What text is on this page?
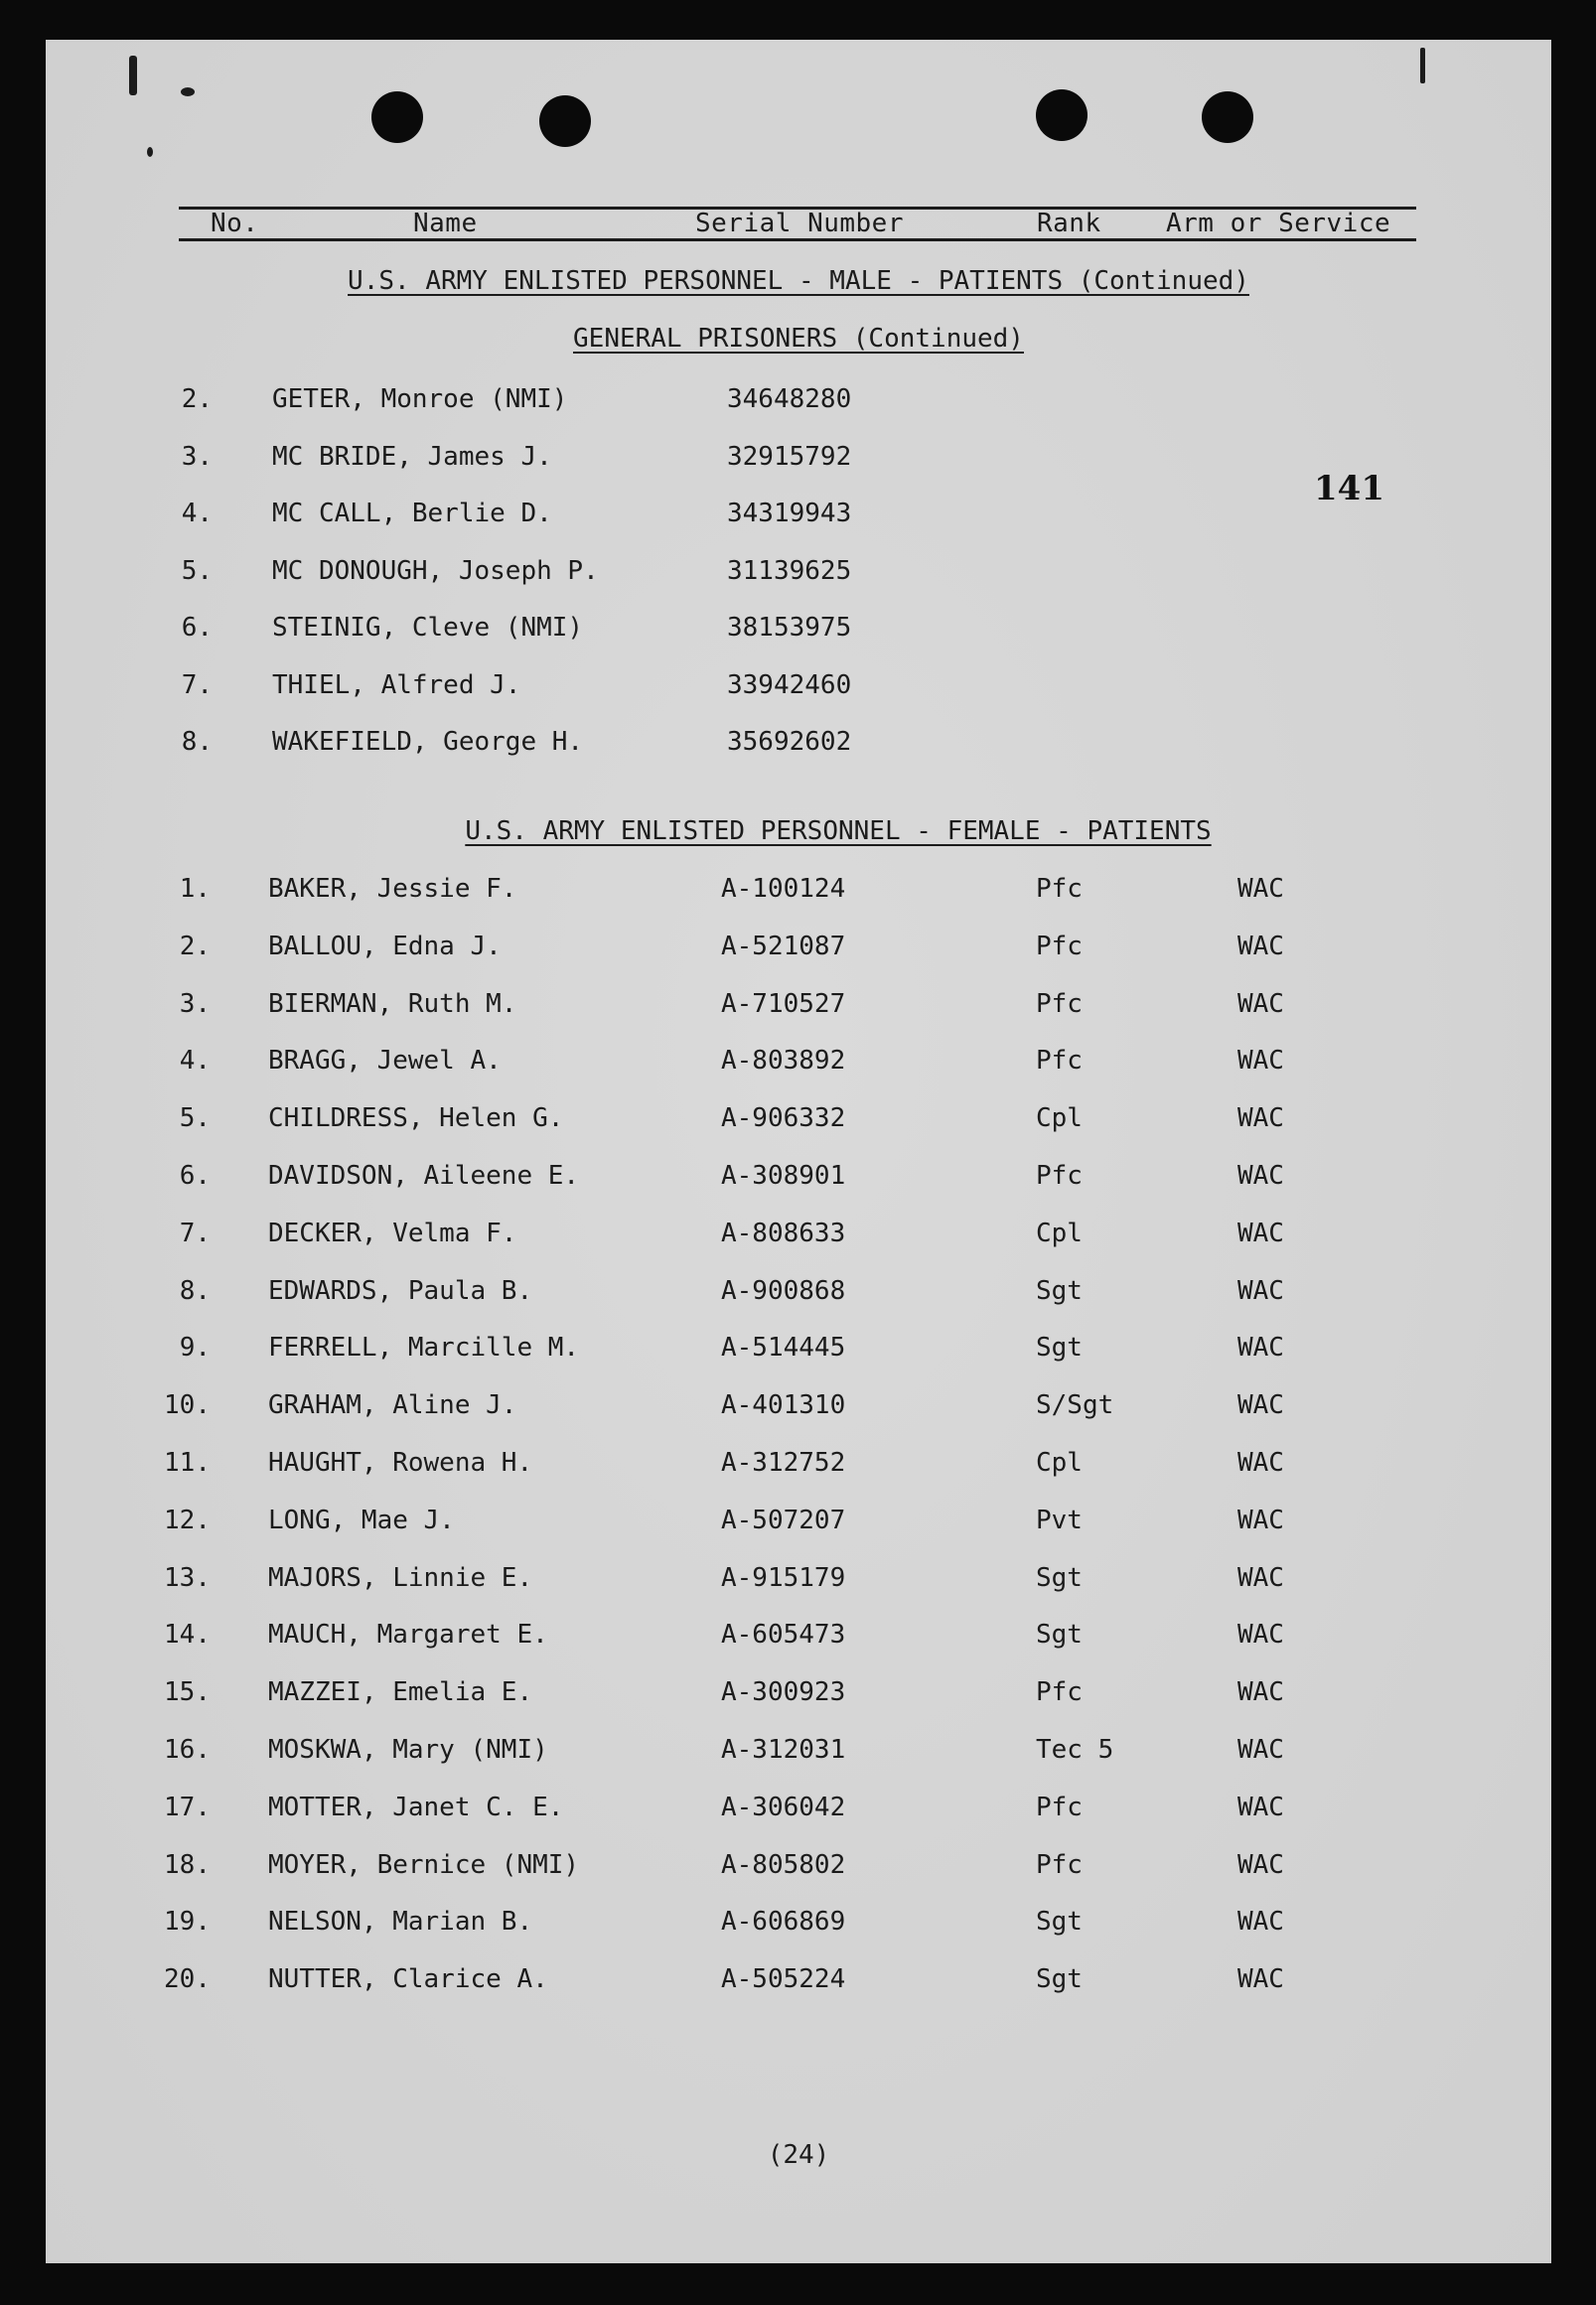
No.	Name	Serial Number	Rank	Arm or Service
U.S. ARMY ENLISTED PERSONNEL - MALE - PATIENTS (Continued)
GENERAL PRISONERS (Continued)
2. GETER, Monroe (NMI)	34648280
3. MC BRIDE, James J.	32915792
4. MC CALL, Berlie D.	34319943
5. MC DONOUGH, Joseph P.	31139625
6. STEINIG, Cleve (NMI)	38153975
7. THIEL, Alfred J.	33942460
8. WAKEFIELD, George H.	35692602
141
U.S. ARMY ENLISTED PERSONNEL - FEMALE - PATIENTS
1. BAKER, Jessie F.	A-100124	Pfc	WAC
2. BALLOU, Edna J.	A-521087	Pfc	WAC
3. BIERMAN, Ruth M.	A-710527	Pfc	WAC
4. BRAGG, Jewel A.	A-803892	Pfc	WAC
5. CHILDRESS, Helen G.	A-906332	Cpl	WAC
6. DAVIDSON, Aileene E.	A-308901	Pfc	WAC
7. DECKER, Velma F.	A-808633	Cpl	WAC
8. EDWARDS, Paula B.	A-900868	Sgt	WAC
9. FERRELL, Marcille M.	A-514445	Sgt	WAC
10. GRAHAM, Aline J.	A-401310	S/Sgt	WAC
11. HAUGHT, Rowena H.	A-312752	Cpl	WAC
12. LONG, Mae J.	A-507207	Pvt	WAC
13. MAJORS, Linnie E.	A-915179	Sgt	WAC
14. MAUCH, Margaret E.	A-605473	Sgt	WAC
15. MAZZEI, Emelia E.	A-300923	Pfc	WAC
16. MOSKWA, Mary (NMI)	A-312031	Tec 5	WAC
17. MOTTER, Janet C. E.	A-306042	Pfc	WAC
18. MOYER, Bernice (NMI)	A-805802	Pfc	WAC
19. NELSON, Marian B.	A-606869	Sgt	WAC
20. NUTTER, Clarice A.	A-505224	Sgt	WAC
(24)
